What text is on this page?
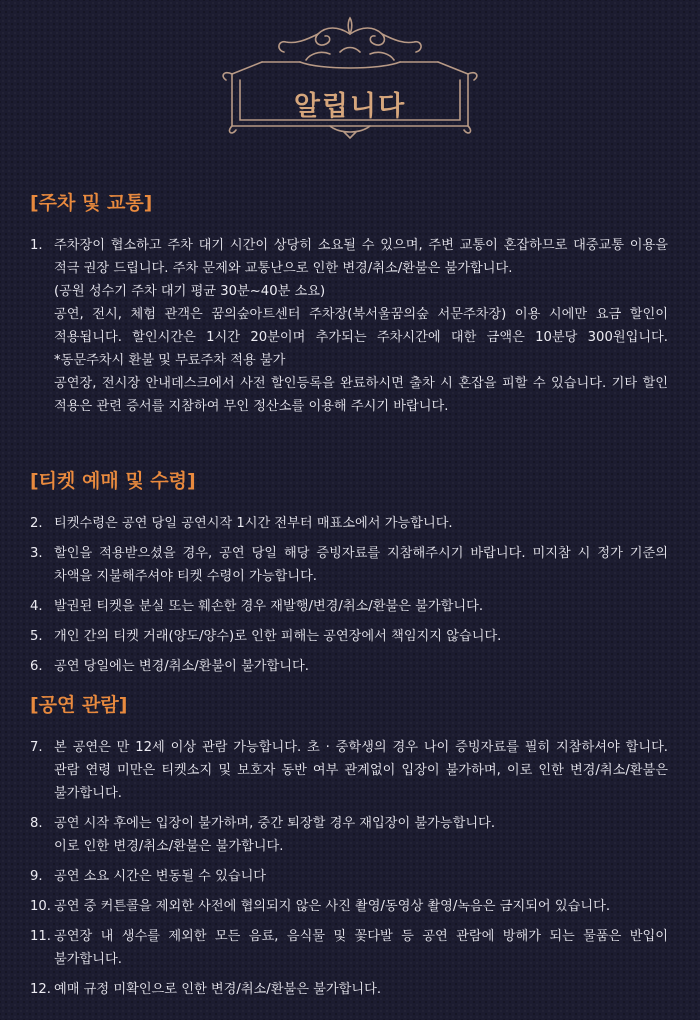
알립니다
[주차 및 교통]
1. 주차장이 협소하고 주차 대기 시간이 상당히 소요될 수 있으며, 주변 교통이 혼잡하므로 대중교통 이용을
적극 권장 드립니다. 주차 문제와 교통난으로 인한 변경/취소/환불은 불가합니다.
(공원 성수기 주차 대기 평균 30분~40분 소요)
공연, 전시, 체험 관객은 꿈의숲아트센터 주차장(북서울꿈의숲 서문주차장) 이용 시에만 요금 할인이
적용됩니다. 할인시간은 1시간 20분이며 추가되는 주차시간에 대한 금액은 10분당 300원입니다.
*동문주차시 환불 및 무료주차 적용 불가
공연장, 전시장 안내데스크에서 사전 할인등록을 완료하시면 출차 시 혼잡을 피할 수 있습니다. 기타 할인
적용은 관련 증서를 지참하여 무인 정산소를 이용해 주시기 바랍니다.
[티켓 예매 및 수령]
2. 티켓수령은 공연 당일 공연시작 1시간 전부터 매표소에서 가능합니다.
3. 할인을 적용받으셨을 경우, 공연 당일 해당 증빙자료를 지참해주시기 바랍니다. 미지참 시 정가 기준의
차액을 지불해주셔야 티켓 수령이 가능합니다.
4. 발권된 티켓을 분실 또는 훼손한 경우 재발행/변경/취소/환불은 불가합니다.
5. 개인 간의 티켓 거래(양도/양수)로 인한 피해는 공연장에서 책임지지 않습니다.
6. 공연 당일에는 변경/취소/환불이 불가합니다.
[공연 관람]
7. 본 공연은 만 12세 이상 관람 가능합니다. 초 · 중학생의 경우 나이 증빙자료를 필히 지참하셔야 합니다.
관람 연령 미만은 티켓소지 및 보호자 동반 여부 관계없이 입장이 불가하며, 이로 인한 변경/취소/환불은
불가합니다.
8. 공연 시작 후에는 입장이 불가하며, 중간 퇴장할 경우 재입장이 불가능합니다.
이로 인한 변경/취소/환불은 불가합니다.
9. 공연 소요 시간은 변동될 수 있습니다
10. 공연 중 커튼콜을 제외한 사전에 협의되지 않은 사진 촬영/동영상 촬영/녹음은 금지되어 있습니다.
11. 공연장 내 생수를 제외한 모든 음료, 음식물 및 꽃다발 등 공연 관람에 방해가 되는 물품은 반입이
불가합니다.
12. 예매 규정 미확인으로 인한 변경/취소/환불은 불가합니다.
